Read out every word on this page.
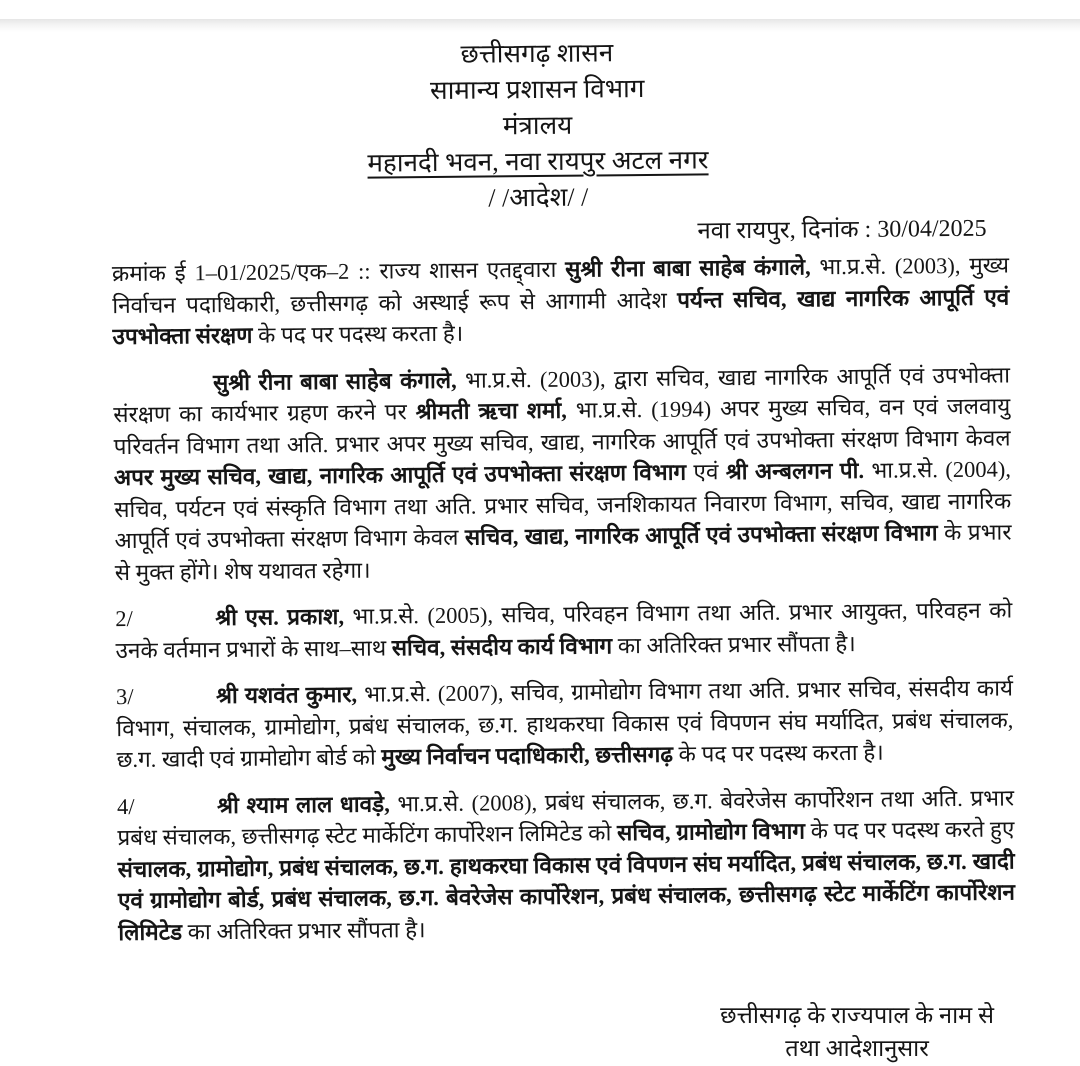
छत्तीसगढ़ शासन
सामान्य प्रशासन विभाग
मंत्रालय
महानदी भवन, नवा रायपुर अटल नगर
/ /आदेश/ /
नवा रायपुर, दिनांक : 30/04/2025

क्रमांक ई 1–01/2025/एक–2 :: राज्य शासन एतद्द्वारा सुश्री रीना बाबा साहेब कंगाले, भा.प्र.से. (2003), मुख्य निर्वाचन पदाधिकारी, छत्तीसगढ़ को अस्थाई रूप से आगामी आदेश पर्यन्त सचिव, खाद्य नागरिक आपूर्ति एवं उपभोक्ता संरक्षण के पद पर पदस्थ करता है।

सुश्री रीना बाबा साहेब कंगाले, भा.प्र.से. (2003), द्वारा सचिव, खाद्य नागरिक आपूर्ति एवं उपभोक्ता संरक्षण का कार्यभार ग्रहण करने पर श्रीमती ऋचा शर्मा, भा.प्र.से. (1994) अपर मुख्य सचिव, वन एवं जलवायु परिवर्तन विभाग तथा अति. प्रभार अपर मुख्य सचिव, खाद्य, नागरिक आपूर्ति एवं उपभोक्ता संरक्षण विभाग केवल अपर मुख्य सचिव, खाद्य, नागरिक आपूर्ति एवं उपभोक्ता संरक्षण विभाग एवं श्री अन्बलगन पी. भा.प्र.से. (2004), सचिव, पर्यटन एवं संस्कृति विभाग तथा अति. प्रभार सचिव, जनशिकायत निवारण विभाग, सचिव, खाद्य नागरिक आपूर्ति एवं उपभोक्ता संरक्षण विभाग केवल सचिव, खाद्य, नागरिक आपूर्ति एवं उपभोक्ता संरक्षण विभाग के प्रभार से मुक्त होंगे। शेष यथावत रहेगा।

2/	श्री एस. प्रकाश, भा.प्र.से. (2005), सचिव, परिवहन विभाग तथा अति. प्रभार आयुक्त, परिवहन को उनके वर्तमान प्रभारों के साथ–साथ सचिव, संसदीय कार्य विभाग का अतिरिक्त प्रभार सौंपता है।

3/	श्री यशवंत कुमार, भा.प्र.से. (2007), सचिव, ग्रामोद्योग विभाग तथा अति. प्रभार सचिव, संसदीय कार्य विभाग, संचालक, ग्रामोद्योग, प्रबंध संचालक, छ.ग. हाथकरघा विकास एवं विपणन संघ मर्यादित, प्रबंध संचालक, छ.ग. खादी एवं ग्रामोद्योग बोर्ड को मुख्य निर्वाचन पदाधिकारी, छत्तीसगढ़ के पद पर पदस्थ करता है।

4/	श्री श्याम लाल धावड़े, भा.प्र.से. (2008), प्रबंध संचालक, छ.ग. बेवरेजेस कार्पोरेशन तथा अति. प्रभार प्रबंध संचालक, छत्तीसगढ़ स्टेट मार्केटिंग कार्पोरेशन लिमिटेड को सचिव, ग्रामोद्योग विभाग के पद पर पदस्थ करते हुए संचालक, ग्रामोद्योग, प्रबंध संचालक, छ.ग. हाथकरघा विकास एवं विपणन संघ मर्यादित, प्रबंध संचालक, छ.ग. खादी एवं ग्रामोद्योग बोर्ड, प्रबंध संचालक, छ.ग. बेवरेजेस कार्पोरेशन, प्रबंध संचालक, छत्तीसगढ़ स्टेट मार्केटिंग कार्पोरेशन लिमिटेड का अतिरिक्त प्रभार सौंपता है।

छत्तीसगढ़ के राज्यपाल के नाम से
तथा आदेशानुसार
